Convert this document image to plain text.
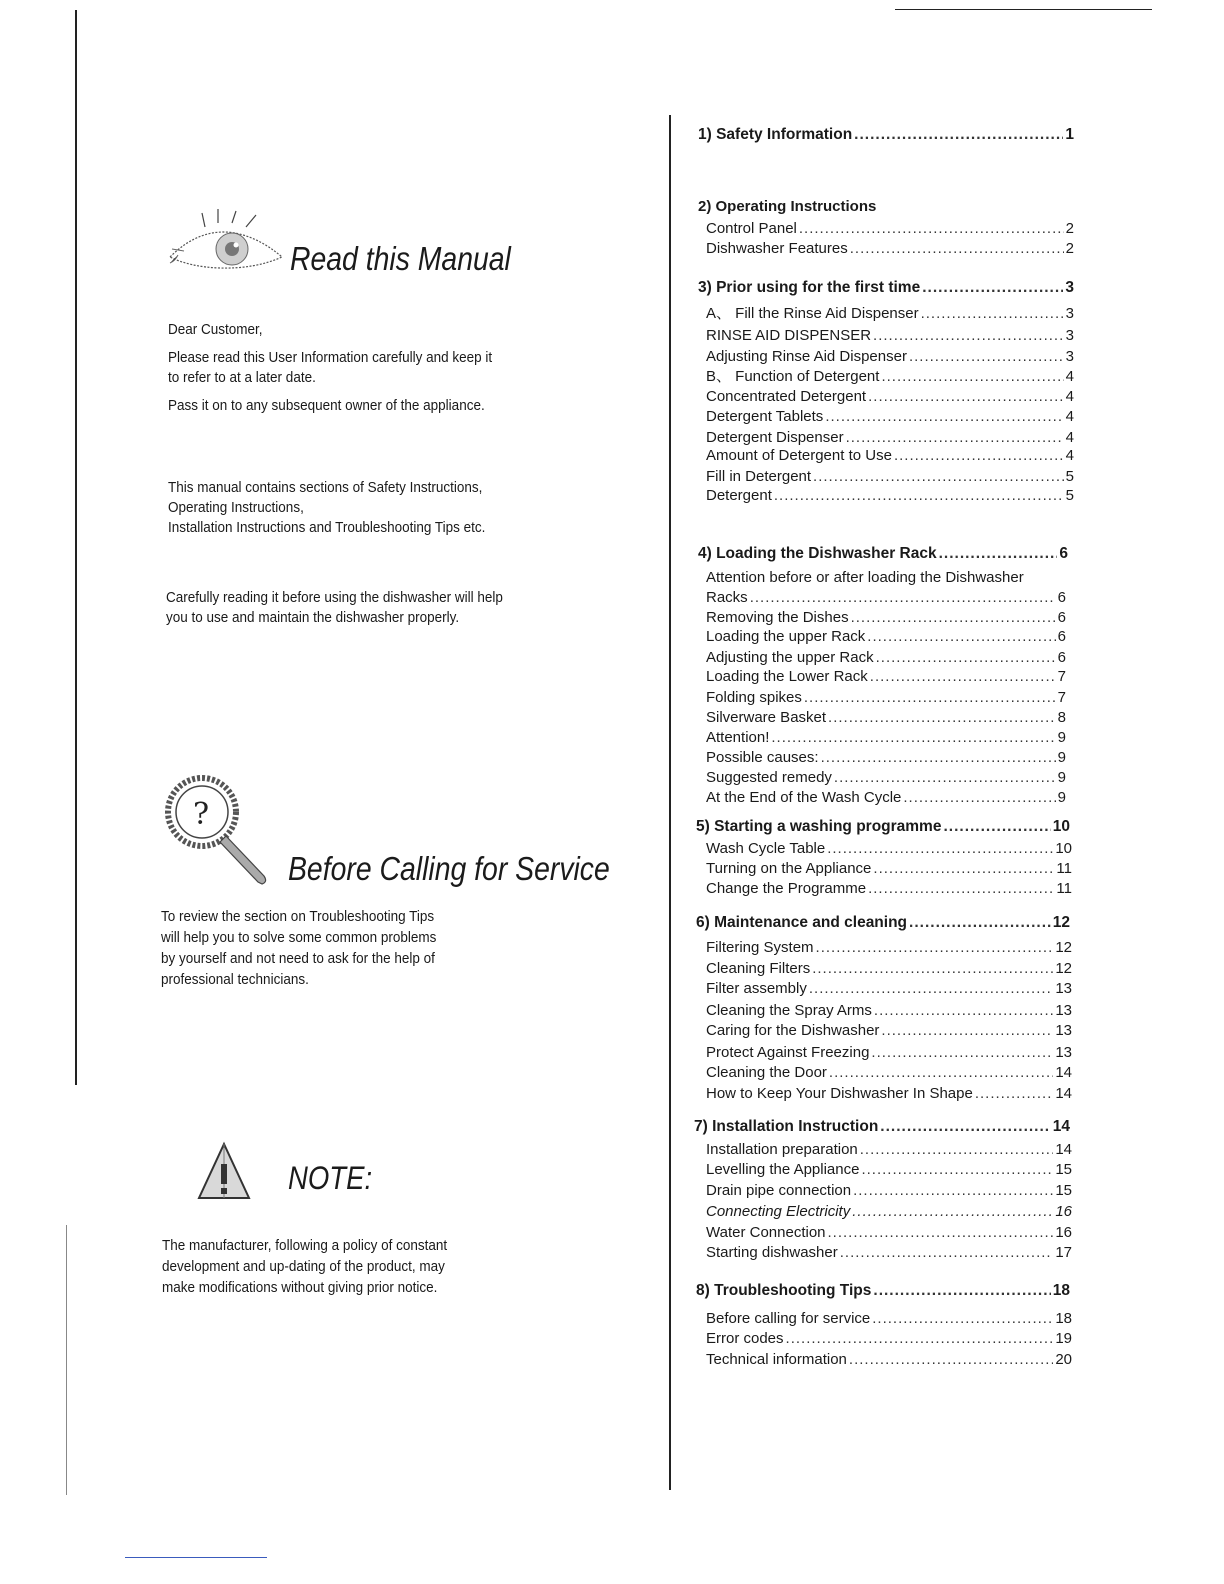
Read this Manual
Dear Customer,
Please read this User Information carefully and keep it
to refer to at a later date.
Pass it on to any subsequent owner of the appliance.
This manual contains sections of Safety Instructions,
Operating Instructions,
Installation Instructions and Troubleshooting Tips etc.
Carefully reading it before using the dishwasher will help
you to use and maintain the dishwasher properly.
?
Before Calling for Service
To review the section on Troubleshooting Tips
will help you to solve some common problems
by yourself and not need to ask for the help of
professional technicians.
NOTE:
The manufacturer, following a policy of constant
development and up-dating of the product, may
make modifications without giving prior notice.
1) Safety Information .....	1
2) Operating Instructions
Control Panel .....	2
Dishwasher Features .....	2
3) Prior using for the first time .....	3
A、 Fill the Rinse Aid Dispenser .....	3
RINSE AID DISPENSER .....	3
Adjusting Rinse Aid Dispenser .....	3
B、 Function of Detergent .....	4
Concentrated Detergent .....	4
Detergent Tablets .....	4
Detergent Dispenser .....	4
Amount of Detergent to Use .....	4
Fill in Detergent .....	5
Detergent .....	5
4) Loading the Dishwasher Rack .....	6
Attention before or after loading the Dishwasher
Racks .....	6
Removing the Dishes .....	6
Loading the upper Rack .....	6
Adjusting the upper Rack .....	6
Loading the Lower Rack .....	7
Folding spikes .....	7
Silverware Basket .....	8
Attention! .....	9
Possible causes: .....	9
Suggested remedy .....	9
At the End of the Wash Cycle .....	9
5) Starting a washing programme .....	10
Wash Cycle Table .....	10
Turning on the Appliance .....	11
Change the Programme .....	11
6) Maintenance and cleaning .....	12
Filtering System .....	12
Cleaning Filters .....	12
Filter assembly .....	13
Cleaning the Spray Arms .....	13
Caring for the Dishwasher .....	13
Protect Against Freezing .....	13
Cleaning the Door .....	14
How to Keep Your Dishwasher In Shape .....	14
7) Installation Instruction .....	14
Installation preparation .....	14
Levelling the Appliance .....	15
Drain pipe connection .....	15
Connecting Electricity .....	16
Water Connection .....	16
Starting dishwasher .....	17
8) Troubleshooting Tips .....	18
Before calling for service .....	18
Error codes .....	19
Technical information .....	20
